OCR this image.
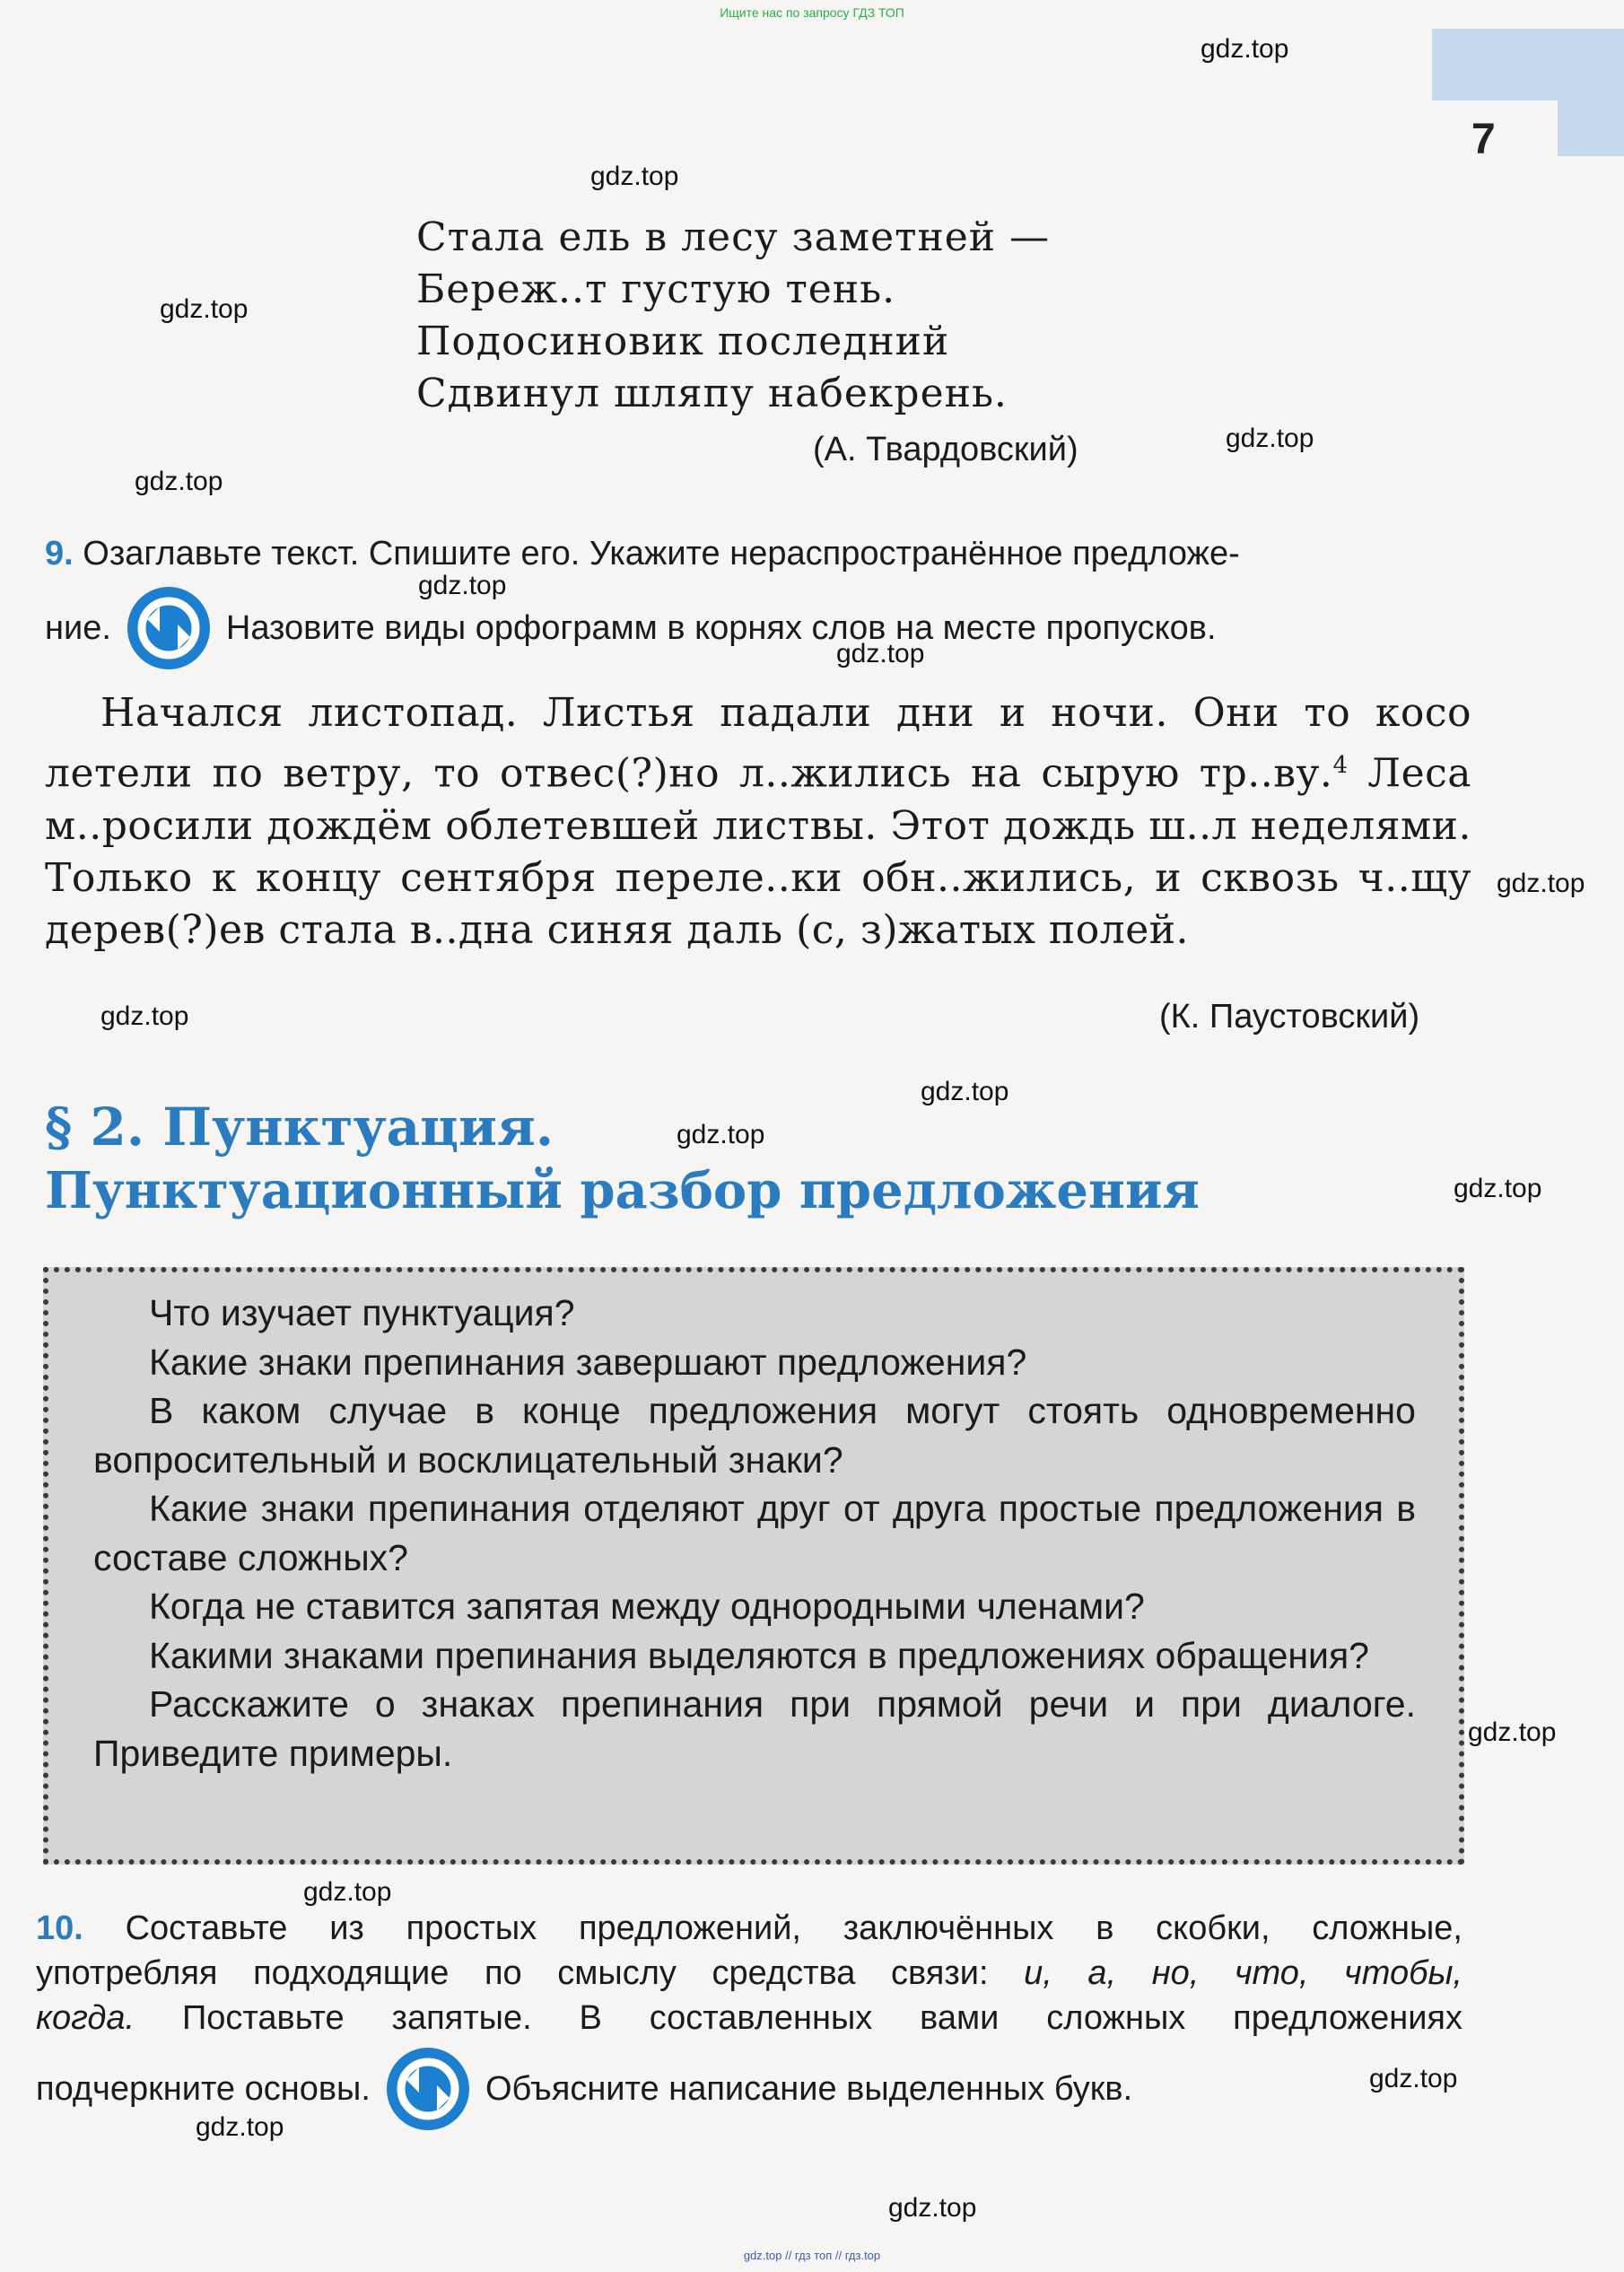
Ищите нас по запросу ГДЗ ТОП
7
gdz.top
gdz.top
gdz.top
gdz.top
gdz.top
gdz.top
gdz.top
gdz.top
gdz.top
gdz.top
gdz.top
gdz.top
gdz.top
gdz.top
gdz.top
gdz.top
gdz.top
Стала ель в лесу заметней —
Береж..т густую тень.
Подосиновик последний
Сдвинул шляпу набекрень.
(А. Твардовский)
9. Озаглавьте текст. Спишите его. Укажите нераспространённое предложе-
ние.	Назовите виды орфограмм в корнях слов на месте пропусков.

Начался листопад. Листья падали дни и ночи. Они то косо летели по ветру, то отвес(?)но л..жились на сырую тр..ву.$^4$ Леса м..росили дождём облетевшей листвы. Этот дождь ш..л неделями. Только к концу сентября переле..ки обн..жились, и сквозь ч..щу дерев(?)ев стала в..дна синяя даль (с, з)жатых полей.

(К. Паустовский)
§ 2. Пунктуация.
Пунктуационный разбор предложения

Что изучает пунктуация?

Какие знаки препинания завершают предложения?

В каком случае в конце предложения могут стоять одновременно вопросительный и восклицательный знаки?

Какие знаки препинания отделяют друг от друга простые предложения в составе сложных?

Когда не ставится запятая между однородными членами?

Какими знаками препинания выделяются в предложениях обращения?

Расскажите о знаках препинания при прямой речи и при диалоге. Приведите примеры.

10. Составьте из простых предложений, заключённых в скобки, сложные,

употребляя подходящие по смыслу средства связи: и, а, но, что, чтобы,

когда. Поставьте запятые. В составленных вами сложных предложениях

подчеркните основы.	Объясните написание выделенных букв.
gdz.top // гдз топ // гдз.top
